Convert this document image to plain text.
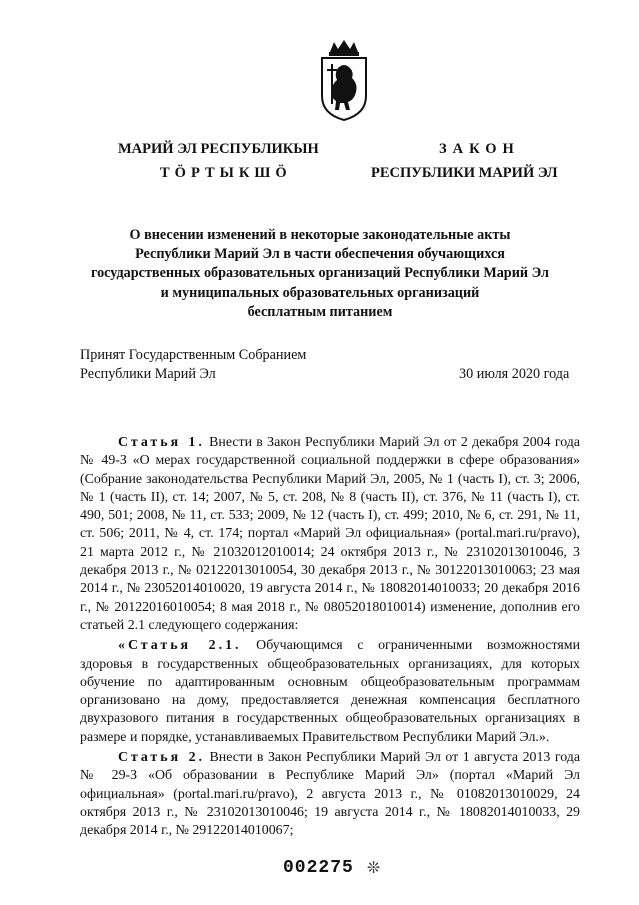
МАРИЙ ЭЛ РЕСПУБЛИКЫН
ТӦРТЫКШӦ
ЗАКОН
РЕСПУБЛИКИ МАРИЙ ЭЛ
О внесении изменений в некоторые законодательные акты
Республики Марий Эл в части обеспечения обучающихся
государственных образовательных организаций Республики Марий Эл
и муниципальных образовательных организаций
бесплатным питанием
Принят Государственным Собранием
Республики Марий Эл	30 июля 2020 года

Статья 1. Внести в Закон Республики Марий Эл от 2 декабря 2004 года № 49-З «О мерах государственной социальной поддержки в сфере образования» (Собрание законодательства Республики Марий Эл, 2005, № 1 (часть I), ст. 3; 2006, № 1 (часть II), ст. 14; 2007, № 5, ст. 208, № 8 (часть II), ст. 376, № 11 (часть I), ст. 490, 501; 2008, № 11, ст. 533; 2009, № 12 (часть I), ст. 499; 2010, № 6, ст. 291, № 11, ст. 506; 2011, № 4, ст. 174; портал «Марий Эл официальная» (portal.mari.ru/pravo), 21 марта 2012 г., № 21032012010014; 24 октября 2013 г., № 23102013010046, 3 декабря 2013 г., № 02122013010054, 30 декабря 2013 г., № 30122013010063; 23 мая 2014 г., № 23052014010020, 19 августа 2014 г., № 18082014010033; 20 декабря 2016 г., № 20122016010054; 8 мая 2018 г., № 08052018010014) изменение, дополнив его статьей 2.1 следующего содержания:

«Статья 2.1. Обучающимся с ограниченными возможностями здоровья в государственных общеобразовательных организациях, для которых обучение по адаптированным основным общеобразовательным программам организовано на дому, предоставляется денежная компенсация бесплатного двухразового питания в государственных общеобразовательных организациях в размере и порядке, устанавливаемых Правительством Республики Марий Эл.».

Статья 2. Внести в Закон Республики Марий Эл от 1 августа 2013 года № 29-З «Об образовании в Республике Марий Эл» (портал «Марий Эл официальная» (portal.mari.ru/pravo), 2 августа 2013 г., № 01082013010029, 24 октября 2013 г., № 23102013010046; 19 августа 2014 г., № 18082014010033, 29 декабря 2014 г., № 29122014010067;

002275 ❊
